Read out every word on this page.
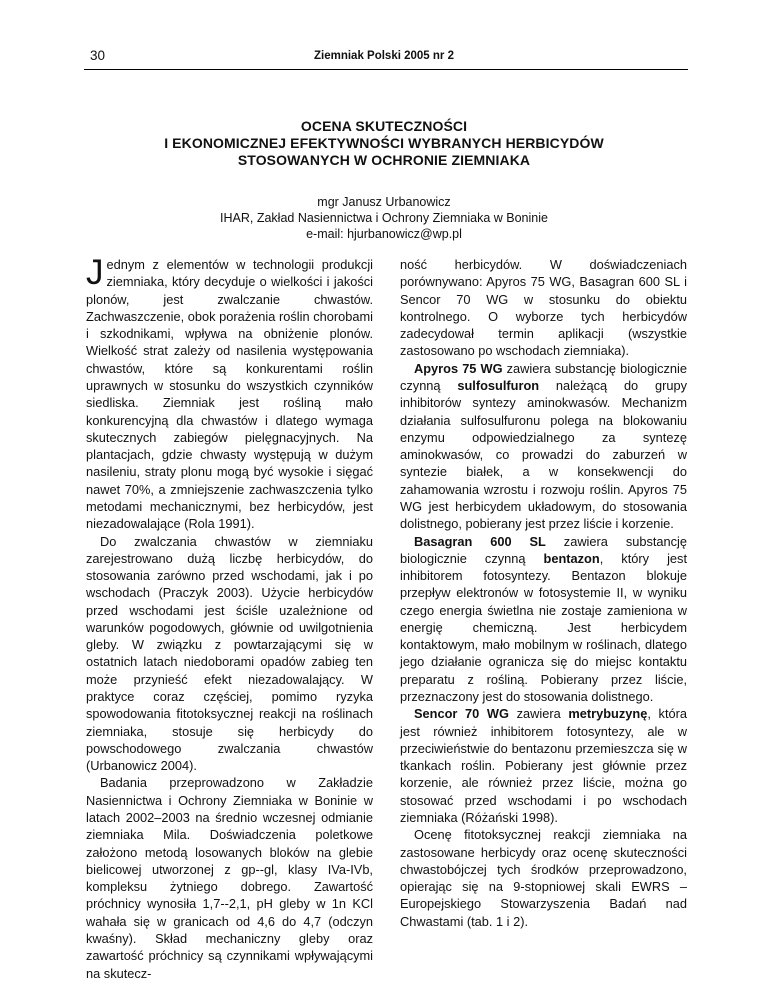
30	Ziemniak Polski 2005 nr 2
OCENA SKUTECZNOŚCI
I EKONOMICZNEJ EFEKTYWNOŚCI WYBRANYCH HERBICYDÓW
STOSOWANYCH W OCHRONIE ZIEMNIAKA
mgr Janusz Urbanowicz
IHAR, Zakład Nasiennictwa i Ochrony Ziemniaka w Boninie
e-mail: hjurbanowicz@wp.pl

Jednym z elementów w technologii produkcji ziemniaka, który decyduje o wielkości i jakości plonów, jest zwalczanie chwastów. Zachwaszczenie, obok porażenia roślin chorobami i szkodnikami, wpływa na obniżenie plonów. Wielkość strat zależy od nasilenia występowania chwastów, które są konkurentami roślin uprawnych w stosunku do wszystkich czynników siedliska. Ziemniak jest rośliną mało konkurencyjną dla chwastów i dlatego wymaga skutecznych zabiegów pielęgnacyjnych. Na plantacjach, gdzie chwasty występują w dużym nasileniu, straty plonu mogą być wysokie i sięgać nawet 70%, a zmniejszenie zachwaszczenia tylko metodami mechanicznymi, bez herbicydów, jest niezadowalające (Rola 1991).

Do zwalczania chwastów w ziemniaku zarejestrowano dużą liczbę herbicydów, do stosowania zarówno przed wschodami, jak i po wschodach (Praczyk 2003). Użycie herbicydów przed wschodami jest ściśle uzależnione od warunków pogodowych, głównie od uwilgotnienia gleby. W związku z powtarzającymi się w ostatnich latach niedoborami opadów zabieg ten może przynieść efekt niezadowalający. W praktyce coraz częściej, pomimo ryzyka spowodowania fitotoksycznej reakcji na roślinach ziemniaka, stosuje się herbicydy do powschodowego zwalczania chwastów (Urbanowicz 2004).

Badania przeprowadzono w Zakładzie Nasiennictwa i Ochrony Ziemniaka w Boninie w latach 2002–2003 na średnio wczesnej odmianie ziemniaka Mila. Doświadczenia poletkowe założono metodą losowanych bloków na glebie bielicowej utworzonej z gp--gl, klasy IVa-IVb, kompleksu żytniego dobrego. Zawartość próchnicy wynosiła 1,7--2,1, pH gleby w 1n KCl wahała się w granicach od 4,6 do 4,7 (odczyn kwaśny). Skład mechaniczny gleby oraz zawartość próchnicy są czynnikami wpływającymi na skutecz-

ność herbicydów. W doświadczeniach porównywano: Apyros 75 WG, Basagran 600 SL i Sencor 70 WG w stosunku do obiektu kontrolnego. O wyborze tych herbicydów zadecydował termin aplikacji (wszystkie zastosowano po wschodach ziemniaka).

Apyros 75 WG zawiera substancję biologicznie czynną sulfosulfuron należącą do grupy inhibitorów syntezy aminokwasów. Mechanizm działania sulfosulfuronu polega na blokowaniu enzymu odpowiedzialnego za syntezę aminokwasów, co prowadzi do zaburzeń w syntezie białek, a w konsekwencji do zahamowania wzrostu i rozwoju roślin. Apyros 75 WG jest herbicydem układowym, do stosowania dolistnego, pobierany jest przez liście i korzenie.

Basagran 600 SL zawiera substancję biologicznie czynną bentazon, który jest inhibitorem fotosyntezy. Bentazon blokuje przepływ elektronów w fotosystemie II, w wyniku czego energia świetlna nie zostaje zamieniona w energię chemiczną. Jest herbicydem kontaktowym, mało mobilnym w roślinach, dlatego jego działanie ogranicza się do miejsc kontaktu preparatu z rośliną. Pobierany przez liście, przeznaczony jest do stosowania dolistnego.

Sencor 70 WG zawiera metrybuzynę, która jest również inhibitorem fotosyntezy, ale w przeciwieństwie do bentazonu przemieszcza się w tkankach roślin. Pobierany jest głównie przez korzenie, ale również przez liście, można go stosować przed wschodami i po wschodach ziemniaka (Różański 1998).

Ocenę fitotoksycznej reakcji ziemniaka na zastosowane herbicydy oraz ocenę skuteczności chwastobójczej tych środków przeprowadzono, opierając się na 9-stopniowej skali EWRS – Europejskiego Stowarzyszenia Badań nad Chwastami (tab. 1 i 2).
